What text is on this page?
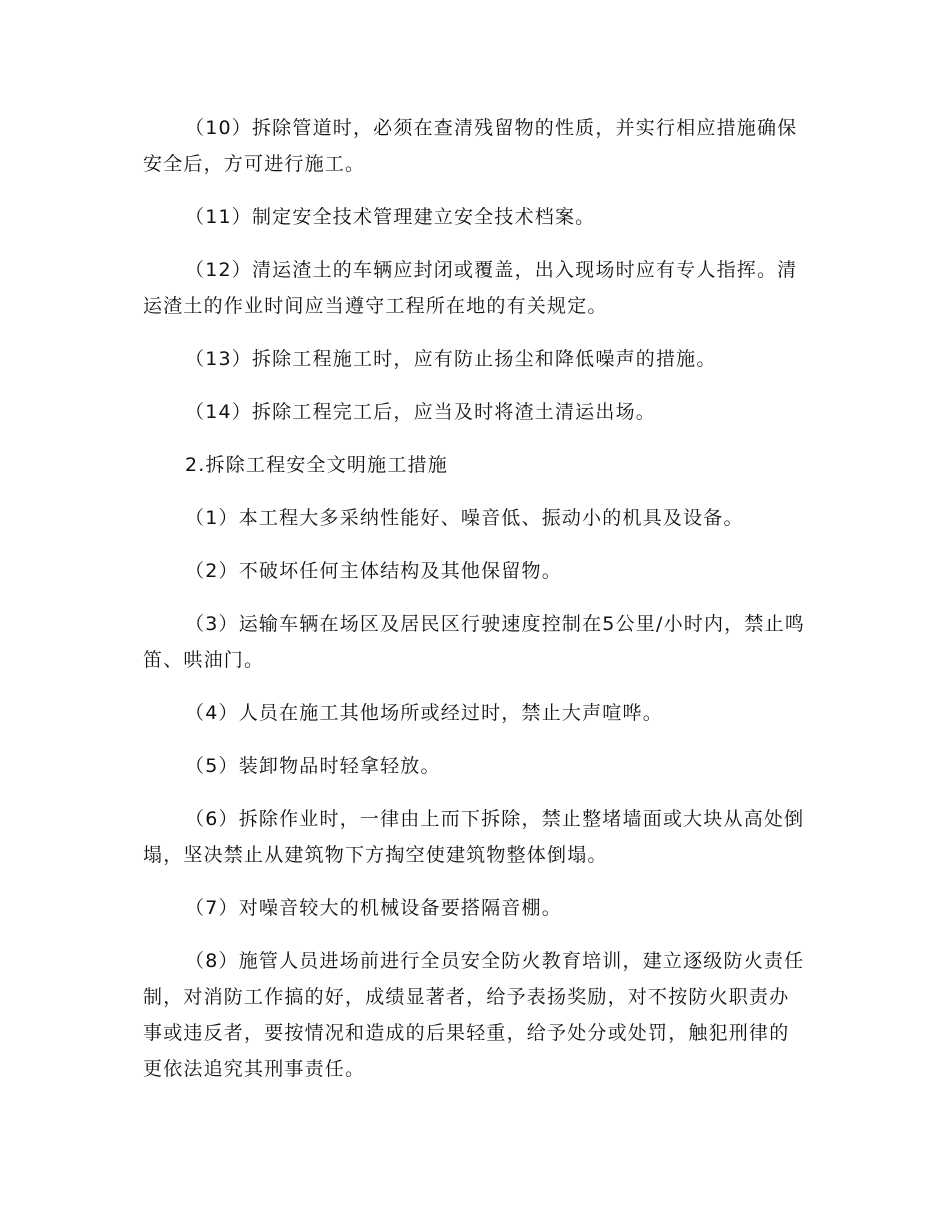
（10）拆除管道时，必须在查清残留物的性质，并实行相应措施确保安全后，方可进行施工。

（11）制定安全技术管理建立安全技术档案。

（12）清运渣土的车辆应封闭或覆盖，出入现场时应有专人指挥。清运渣土的作业时间应当遵守工程所在地的有关规定。

（13）拆除工程施工时，应有防止扬尘和降低噪声的措施。

（14）拆除工程完工后，应当及时将渣土清运出场。

2.拆除工程安全文明施工措施

（1）本工程大多采纳性能好、噪音低、振动小的机具及设备。

（2）不破坏任何主体结构及其他保留物。

（3）运输车辆在场区及居民区行驶速度控制在5公里/小时内，禁止鸣笛、哄油门。

（4）人员在施工其他场所或经过时，禁止大声喧哗。

（5）装卸物品时轻拿轻放。

（6）拆除作业时，一律由上而下拆除，禁止整堵墙面或大块从高处倒塌，坚决禁止从建筑物下方掏空使建筑物整体倒塌。

（7）对噪音较大的机械设备要搭隔音棚。

（8）施管人员进场前进行全员安全防火教育培训，建立逐级防火责任制，对消防工作搞的好，成绩显著者，给予表扬奖励，对不按防火职责办事或违反者，要按情况和造成的后果轻重，给予处分或处罚，触犯刑律的更依法追究其刑事责任。
